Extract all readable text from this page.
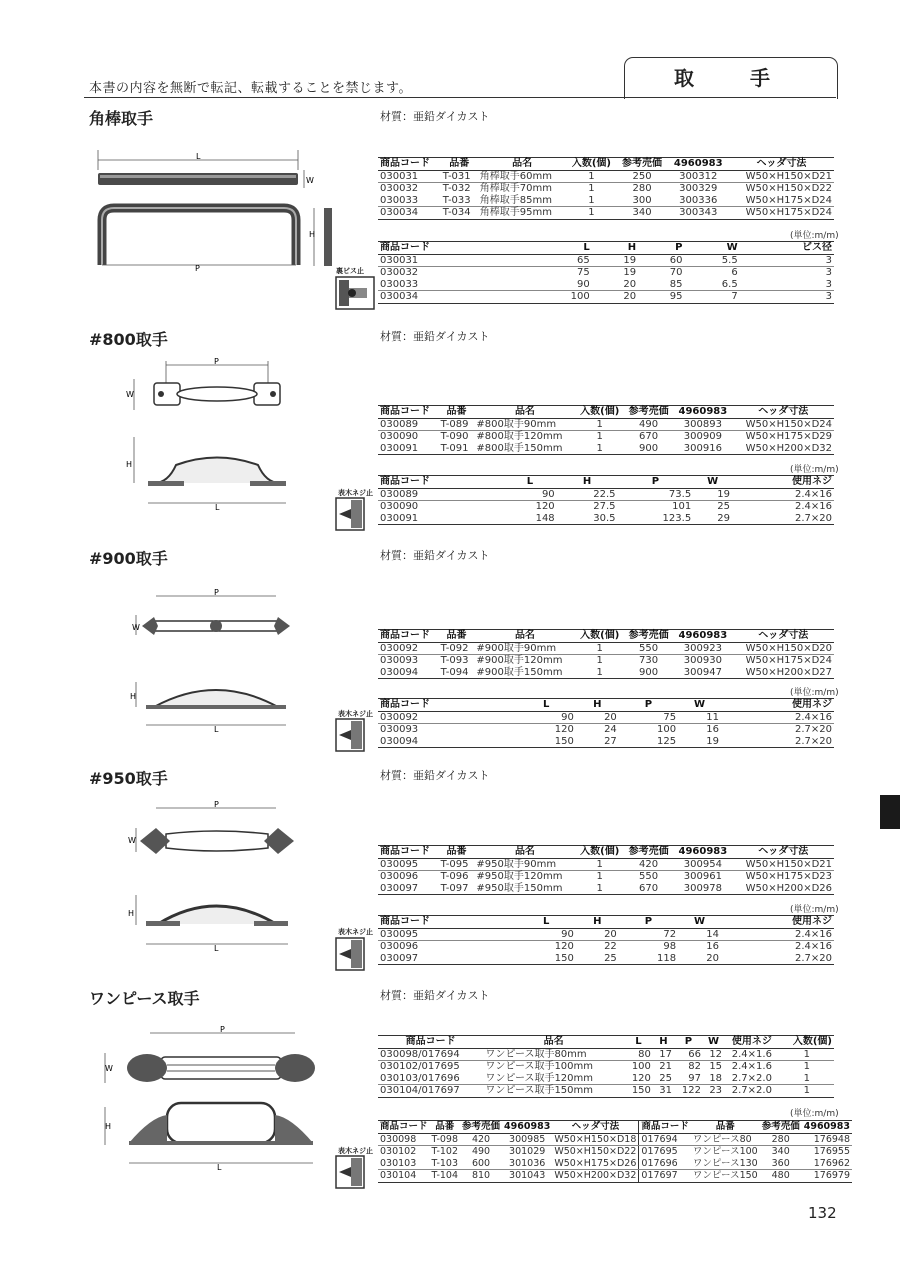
本書の内容を無断で転記、転載することを禁じます。	取　手
132
角棒取手	材質：亜鉛ダイカスト
#800取手	材質：亜鉛ダイカスト
#900取手	材質：亜鉛ダイカスト
#950取手	材質：亜鉛ダイカスト
ワンピース取手	材質：亜鉛ダイカスト
商品コード	品番	品名	入数(個)	参考売価	4960983	ヘッダ寸法
030031	T-031	角棒取手60mm	1	250	300312	W50×H150×D21
030032	T-032	角棒取手70mm	1	280	300329	W50×H150×D22
030033	T-033	角棒取手85mm	1	300	300336	W50×H175×D24
030034	T-034	角棒取手95mm	1	340	300343	W50×H175×D24
(単位:m/m)
商品コード	L	H	P	W	ビス径
030031	65	19	60	5.5	3
030032	75	19	70	6	3
030033	90	20	85	6.5	3
030034	100	20	95	7	3
商品コード	品番	品名	入数(個)	参考売価	4960983	ヘッダ寸法
030089	T-089	#800取手90mm	1	490	300893	W50×H150×D24
030090	T-090	#800取手120mm	1	670	300909	W50×H175×D29
030091	T-091	#800取手150mm	1	900	300916	W50×H200×D32
(単位:m/m)
商品コード	L	H	P	W	使用ネジ
030089	90	22.5	73.5	19	2.4×16
030090	120	27.5	101	25	2.4×16
030091	148	30.5	123.5	29	2.7×20
商品コード	品番	品名	入数(個)	参考売価	4960983	ヘッダ寸法
030092	T-092	#900取手90mm	1	550	300923	W50×H150×D20
030093	T-093	#900取手120mm	1	730	300930	W50×H175×D24
030094	T-094	#900取手150mm	1	900	300947	W50×H200×D27
(単位:m/m)
商品コード	L	H	P	W	使用ネジ
030092	90	20	75	11	2.4×16
030093	120	24	100	16	2.7×20
030094	150	27	125	19	2.7×20
商品コード	品番	品名	入数(個)	参考売価	4960983	ヘッダ寸法
030095	T-095	#950取手90mm	1	420	300954	W50×H150×D21
030096	T-096	#950取手120mm	1	550	300961	W50×H175×D23
030097	T-097	#950取手150mm	1	670	300978	W50×H200×D26
(単位:m/m)
商品コード	L	H	P	W	使用ネジ
030095	90	20	72	14	2.4×16
030096	120	22	98	16	2.4×16
030097	150	25	118	20	2.7×20
商品コード	品名	L	H	P	W	使用ネジ	入数(個)
030098/017694	ワンピース取手80mm	80	17	66	12	2.4×1.6	1
030102/017695	ワンピース取手100mm	100	21	82	15	2.4×1.6	1
030103/017696	ワンピース取手120mm	120	25	97	18	2.7×2.0	1
030104/017697	ワンピース取手150mm	150	31	122	23	2.7×2.0	1
(単位:m/m)
商品コード	品番	参考売価	4960983	ヘッダ寸法	商品コード	品番	参考売価	4960983
030098	T-098	420	300985	W50×H150×D18	017694	ワンピース80	280	176948
030102	T-102	490	301029	W50×H150×D22	017695	ワンピース100	340	176955
030103	T-103	600	301036	W50×H175×D26	017696	ワンピース130	360	176962
030104	T-104	810	301043	W50×H200×D32	017697	ワンピース150	480	176979
裏ビス止
表木ネジ止
表木ネジ止
表木ネジ止
表木ネジ止
L
W
H
P
P
W
H
L
P
W
H
L
P
W
H
L
P
W
H
L
